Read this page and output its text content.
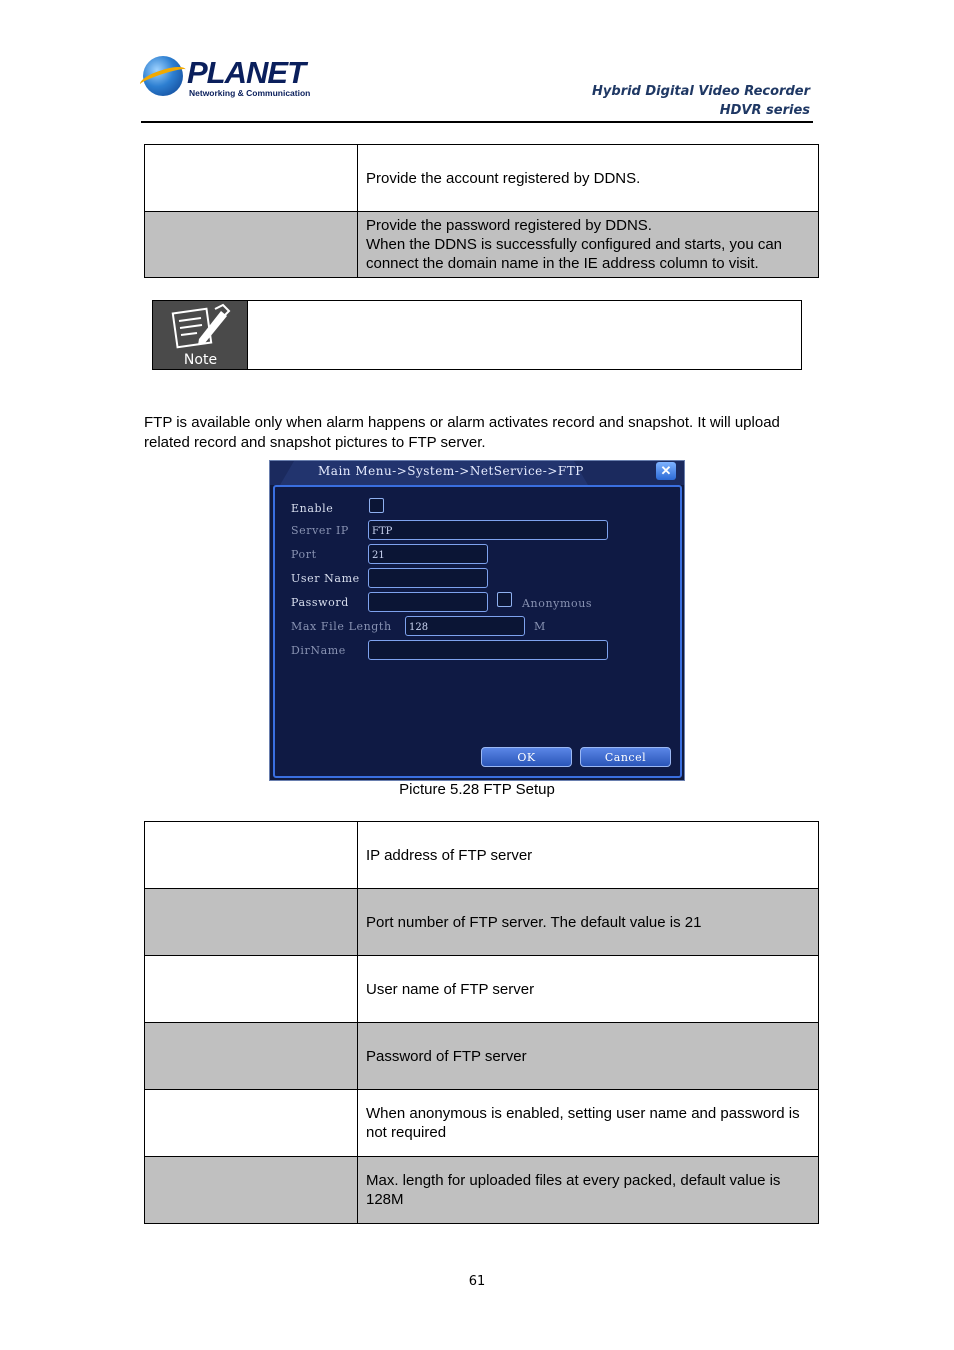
PLANET
Networking & Communication	Hybrid Digital Video Recorder
HDVR series
	Provide the account registered by DDNS.
	Provide the password registered by DDNS.
When the DDNS is successfully configured and starts, you can connect the domain name in the IE address column to visit.
Note
FTP is available only when alarm happens or alarm activates record and snapshot. It will upload related record and snapshot pictures to FTP server.
Main Menu->System->NetService->FTP	✕
Enable
Server IP	FTP
Port	21
User Name
Password	Anonymous
Max File Length	128	M
DirName
OK	Cancel
Picture 5.28 FTP Setup
	IP address of FTP server
	Port number of FTP server. The default value is 21
	User name of FTP server
	Password of FTP server
	When anonymous is enabled, setting user name and password is not required
	Max. length for uploaded files at every packed, default value is 128M
61
